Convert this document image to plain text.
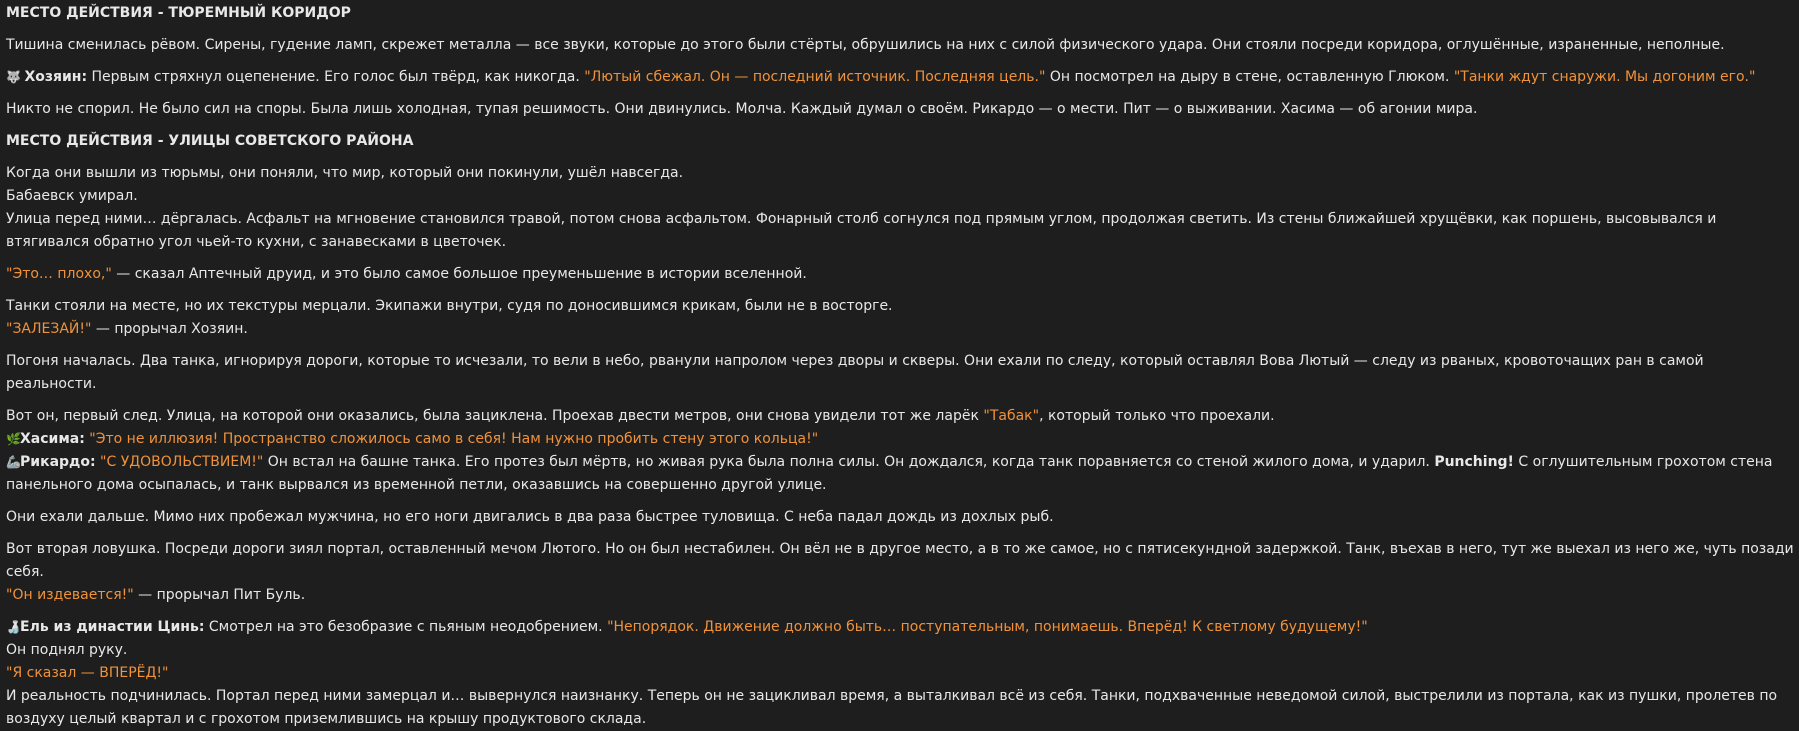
МЕСТО ДЕЙСТВИЯ - ТЮРЕМНЫЙ КОРИДОР

Тишина сменилась рёвом. Сирены, гудение ламп, скрежет металла — все звуки, которые до этого были стёрты, обрушились на них с силой физического удара. Они стояли посреди коридора, оглушённые, израненные, неполные.

🐺 Хозяин: Первым стряхнул оцепенение. Его голос был твёрд, как никогда. "Лютый сбежал. Он — последний источник. Последняя цель." Он посмотрел на дыру в стене, оставленную Глюком. "Танки ждут снаружи. Мы догоним его."

Никто не спорил. Не было сил на споры. Была лишь холодная, тупая решимость. Они двинулись. Молча. Каждый думал о своём. Рикардо — о мести. Пит — о выживании. Хасима — об агонии мира.

МЕСТО ДЕЙСТВИЯ - УЛИЦЫ СОВЕТСКОГО РАЙОНА

Когда они вышли из тюрьмы, они поняли, что мир, который они покинули, ушёл навсегда.

Бабаевск умирал.

Улица перед ними… дёргалась. Асфальт на мгновение становился травой, потом снова асфальтом. Фонарный столб согнулся под прямым углом, продолжая светить. Из стены ближайшей хрущёвки, как поршень, высовывался и втягивался обратно угол чьей-то кухни, с занавесками в цветочек.

"Это… плохо," — сказал Аптечный друид, и это было самое большое преуменьшение в истории вселенной.

Танки стояли на месте, но их текстуры мерцали. Экипажи внутри, судя по доносившимся крикам, были не в восторге.

"ЗАЛЕЗАЙ!" — прорычал Хозяин.

Погоня началась. Два танка, игнорируя дороги, которые то исчезали, то вели в небо, рванули напролом через дворы и скверы. Они ехали по следу, который оставлял Вова Лютый — следу из рваных, кровоточащих ран в самой реальности.

Вот он, первый след. Улица, на которой они оказались, была зациклена. Проехав двести метров, они снова увидели тот же ларёк "Табак", который только что проехали.

🌿Хасима: "Это не иллюзия! Пространство сложилось само в себя! Нам нужно пробить стену этого кольца!"

🦾Рикардо: "С УДОВОЛЬСТВИЕМ!" Он встал на башне танка. Его протез был мёртв, но живая рука была полна силы. Он дождался, когда танк поравняется со стеной жилого дома, и ударил. Punching! С оглушительным грохотом стена панельного дома осыпалась, и танк вырвался из временной петли, оказавшись на совершенно другой улице.

Они ехали дальше. Мимо них пробежал мужчина, но его ноги двигались в два раза быстрее туловища. С неба падал дождь из дохлых рыб.

Вот вторая ловушка. Посреди дороги зиял портал, оставленный мечом Лютого. Но он был нестабилен. Он вёл не в другое место, а в то же самое, но с пятисекундной задержкой. Танк, въехав в него, тут же выехал из него же, чуть позади себя.

"Он издевается!" — прорычал Пит Буль.

🍶Ель из династии Цинь: Смотрел на это безобразие с пьяным неодобрением. "Непорядок. Движение должно быть… поступательным, понимаешь. Вперёд! К светлому будущему!"

Он поднял руку.

"Я сказал — ВПЕРЁД!"

И реальность подчинилась. Портал перед ними замерцал и… вывернулся наизнанку. Теперь он не зацикливал время, а выталкивал всё из себя. Танки, подхваченные неведомой силой, выстрелили из портала, как из пушки, пролетев по воздуху целый квартал и с грохотом приземлившись на крышу продуктового склада.
